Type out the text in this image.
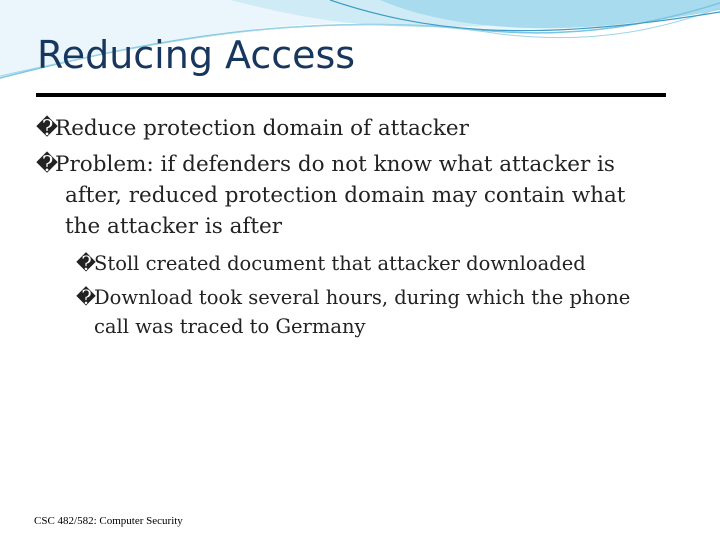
Reducing Access
�Reduce protection domain of attacker
�Problem: if defenders do not know what attacker is
after, reduced protection domain may contain what
the attacker is after
�Stoll created document that attacker downloaded
�Download took several hours, during which the phone
call was traced to Germany
CSC 482/582: Computer Security
